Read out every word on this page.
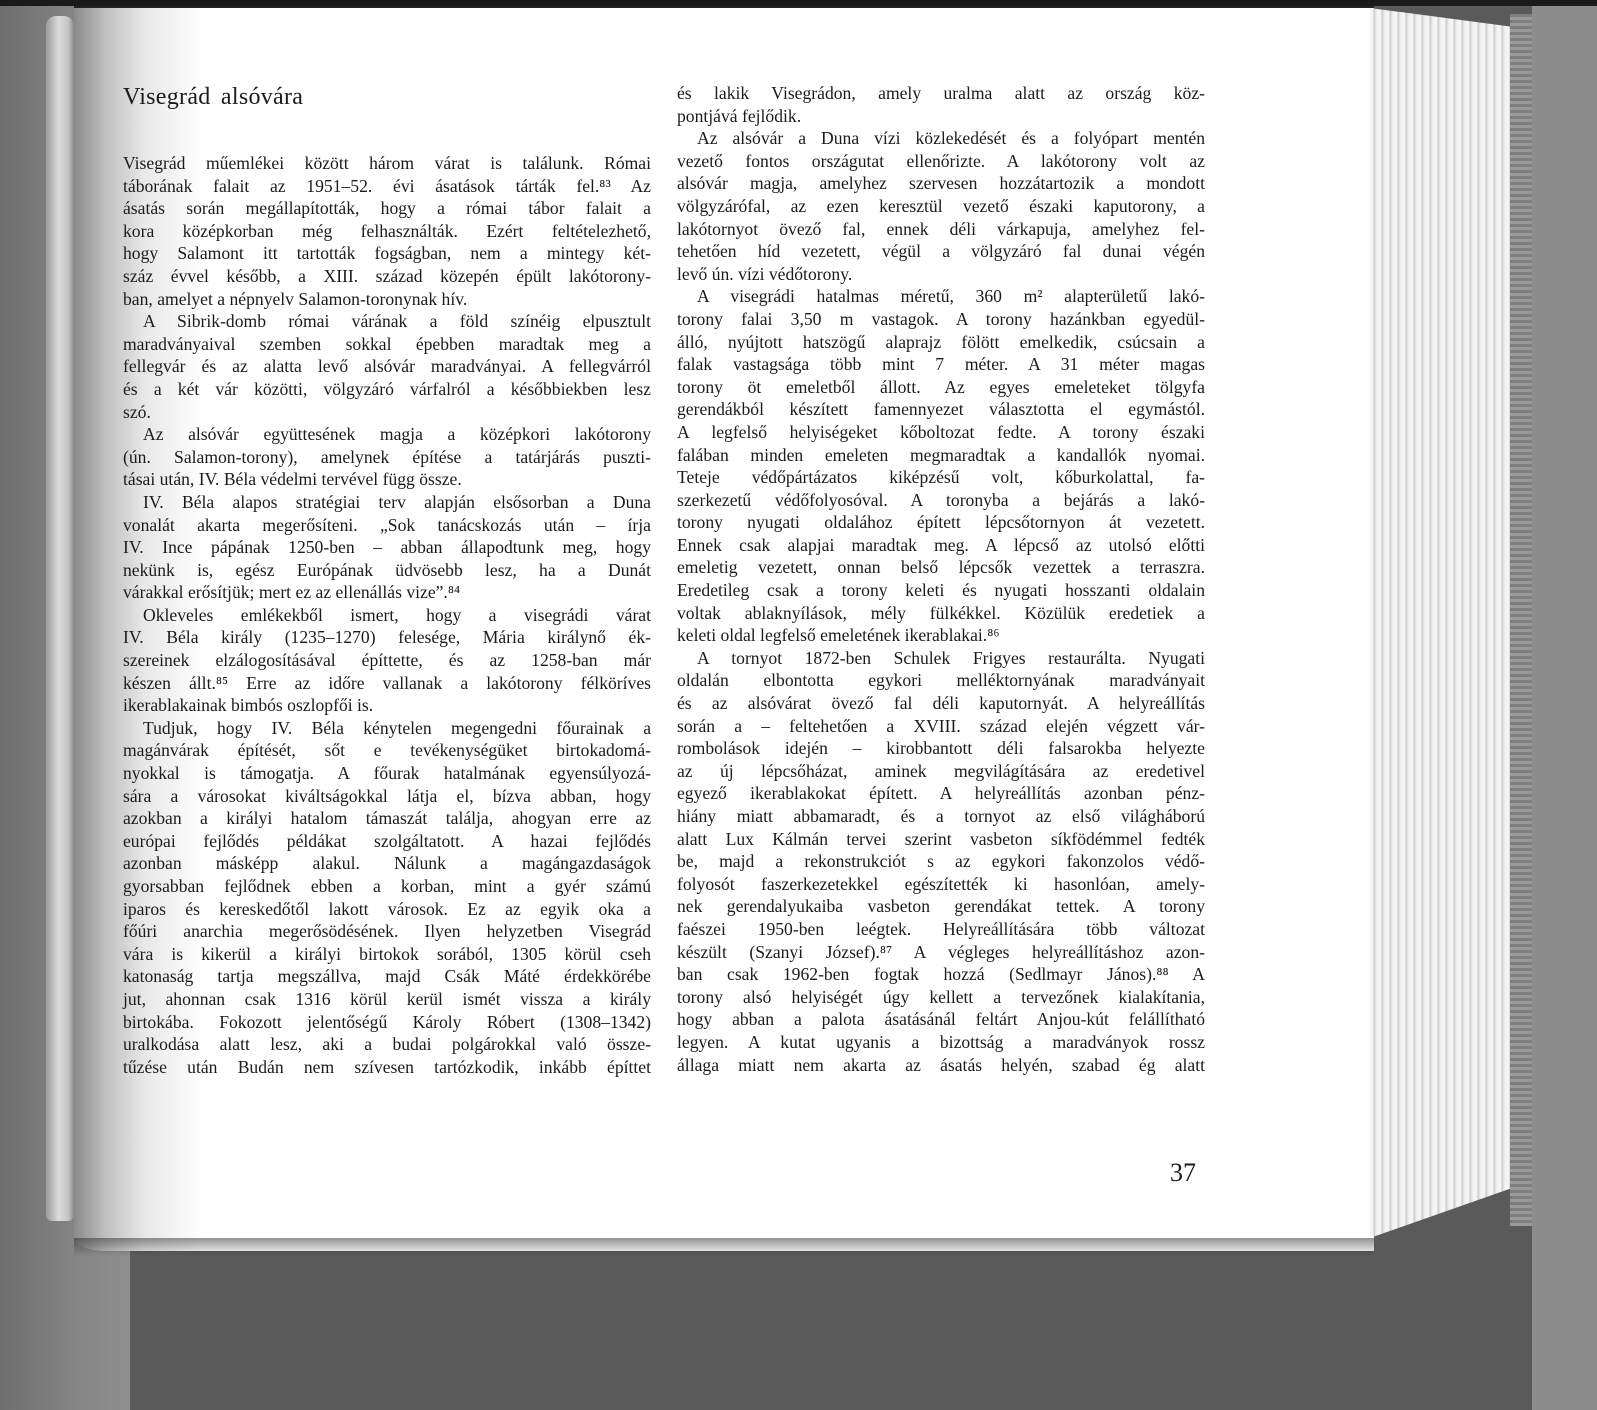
Visegrád alsóvára
Visegrád műemlékei között három várat is találunk. Római
táborának falait az 1951–52. évi ásatások tárták fel.⁸³ Az
ásatás során megállapították, hogy a római tábor falait a
kora középkorban még felhasználták. Ezért feltételezhető,
hogy Salamont itt tartották fogságban, nem a mintegy két-
száz évvel később, a XIII. század közepén épült lakótorony-
ban, amelyet a népnyelv Salamon-toronynak hív.
A Sibrik-domb római várának a föld színéig elpusztult
maradványaival szemben sokkal épebben maradtak meg a
fellegvár és az alatta levő alsóvár maradványai. A fellegvárról
és a két vár közötti, völgyzáró várfalról a későbbiekben lesz
szó.
Az alsóvár együttesének magja a középkori lakótorony
(ún. Salamon-torony), amelynek építése a tatárjárás puszti-
tásai után, IV. Béla védelmi tervével függ össze.
IV. Béla alapos stratégiai terv alapján elsősorban a Duna
vonalát akarta megerősíteni. „Sok tanácskozás után – írja
IV. Ince pápának 1250-ben – abban állapodtunk meg, hogy
nekünk is, egész Európának üdvösebb lesz, ha a Dunát
várakkal erősítjük; mert ez az ellenállás vize”.⁸⁴
Okleveles emlékekből ismert, hogy a visegrádi várat
IV. Béla király (1235–1270) felesége, Mária királynő ék-
szereinek elzálogosításával építtette, és az 1258-ban már
készen állt.⁸⁵ Erre az időre vallanak a lakótorony félköríves
ikerablakainak bimbós oszlopfői is.
Tudjuk, hogy IV. Béla kénytelen megengedni főurainak a
magánvárak építését, sőt e tevékenységüket birtokadomá-
nyokkal is támogatja. A főurak hatalmának egyensúlyozá-
sára a városokat kiváltságokkal látja el, bízva abban, hogy
azokban a királyi hatalom támaszát találja, ahogyan erre az
európai fejlődés példákat szolgáltatott. A hazai fejlődés
azonban másképp alakul. Nálunk a magángazdaságok
gyorsabban fejlődnek ebben a korban, mint a gyér számú
iparos és kereskedőtől lakott városok. Ez az egyik oka a
főúri anarchia megerősödésének. Ilyen helyzetben Visegrád
vára is kikerül a királyi birtokok sorából, 1305 körül cseh
katonaság tartja megszállva, majd Csák Máté érdekkörébe
jut, ahonnan csak 1316 körül kerül ismét vissza a király
birtokába. Fokozott jelentőségű Károly Róbert (1308–1342)
uralkodása alatt lesz, aki a budai polgárokkal való össze-
tűzése után Budán nem szívesen tartózkodik, inkább építtet
és lakik Visegrádon, amely uralma alatt az ország köz-
pontjává fejlődik.
Az alsóvár a Duna vízi közlekedését és a folyópart mentén
vezető fontos országutat ellenőrizte. A lakótorony volt az
alsóvár magja, amelyhez szervesen hozzátartozik a mondott
völgyzárófal, az ezen keresztül vezető északi kaputorony, a
lakótornyot övező fal, ennek déli várkapuja, amelyhez fel-
tehetően híd vezetett, végül a völgyzáró fal dunai végén
levő ún. vízi védőtorony.
A visegrádi hatalmas méretű, 360 m² alapterületű lakó-
torony falai 3,50 m vastagok. A torony hazánkban egyedül-
álló, nyújtott hatszögű alaprajz fölött emelkedik, csúcsain a
falak vastagsága több mint 7 méter. A 31 méter magas
torony öt emeletből állott. Az egyes emeleteket tölgyfa
gerendákból készített famennyezet választotta el egymástól.
A legfelső helyiségeket kőboltozat fedte. A torony északi
falában minden emeleten megmaradtak a kandallók nyomai.
Teteje védőpártázatos kiképzésű volt, kőburkolattal, fa-
szerkezetű védőfolyosóval. A toronyba a bejárás a lakó-
torony nyugati oldalához épített lépcsőtornyon át vezetett.
Ennek csak alapjai maradtak meg. A lépcső az utolsó előtti
emeletig vezetett, onnan belső lépcsők vezettek a terraszra.
Eredetileg csak a torony keleti és nyugati hosszanti oldalain
voltak ablaknyílások, mély fülkékkel. Közülük eredetiek a
keleti oldal legfelső emeletének ikerablakai.⁸⁶
A tornyot 1872-ben Schulek Frigyes restaurálta. Nyugati
oldalán elbontotta egykori melléktornyának maradványait
és az alsóvárat övező fal déli kaputornyát. A helyreállítás
során a – feltehetően a XVIII. század elején végzett vár-
rombolások idején – kirobbantott déli falsarokba helyezte
az új lépcsőházat, aminek megvilágítására az eredetivel
egyező ikerablakokat épített. A helyreállítás azonban pénz-
hiány miatt abbamaradt, és a tornyot az első világháború
alatt Lux Kálmán tervei szerint vasbeton síkfödémmel fedték
be, majd a rekonstrukciót s az egykori fakonzolos védő-
folyosót faszerkezetekkel egészítették ki hasonlóan, amely-
nek gerendalyukaiba vasbeton gerendákat tettek. A torony
faészei 1950-ben leégtek. Helyreállítására több változat
készült (Szanyi József).⁸⁷ A végleges helyreállításhoz azon-
ban csak 1962-ben fogtak hozzá (Sedlmayr János).⁸⁸ A
torony alsó helyiségét úgy kellett a tervezőnek kialakítania,
hogy abban a palota ásatásánál feltárt Anjou-kút felállítható
legyen. A kutat ugyanis a bizottság a maradványok rossz
állaga miatt nem akarta az ásatás helyén, szabad ég alatt
37
